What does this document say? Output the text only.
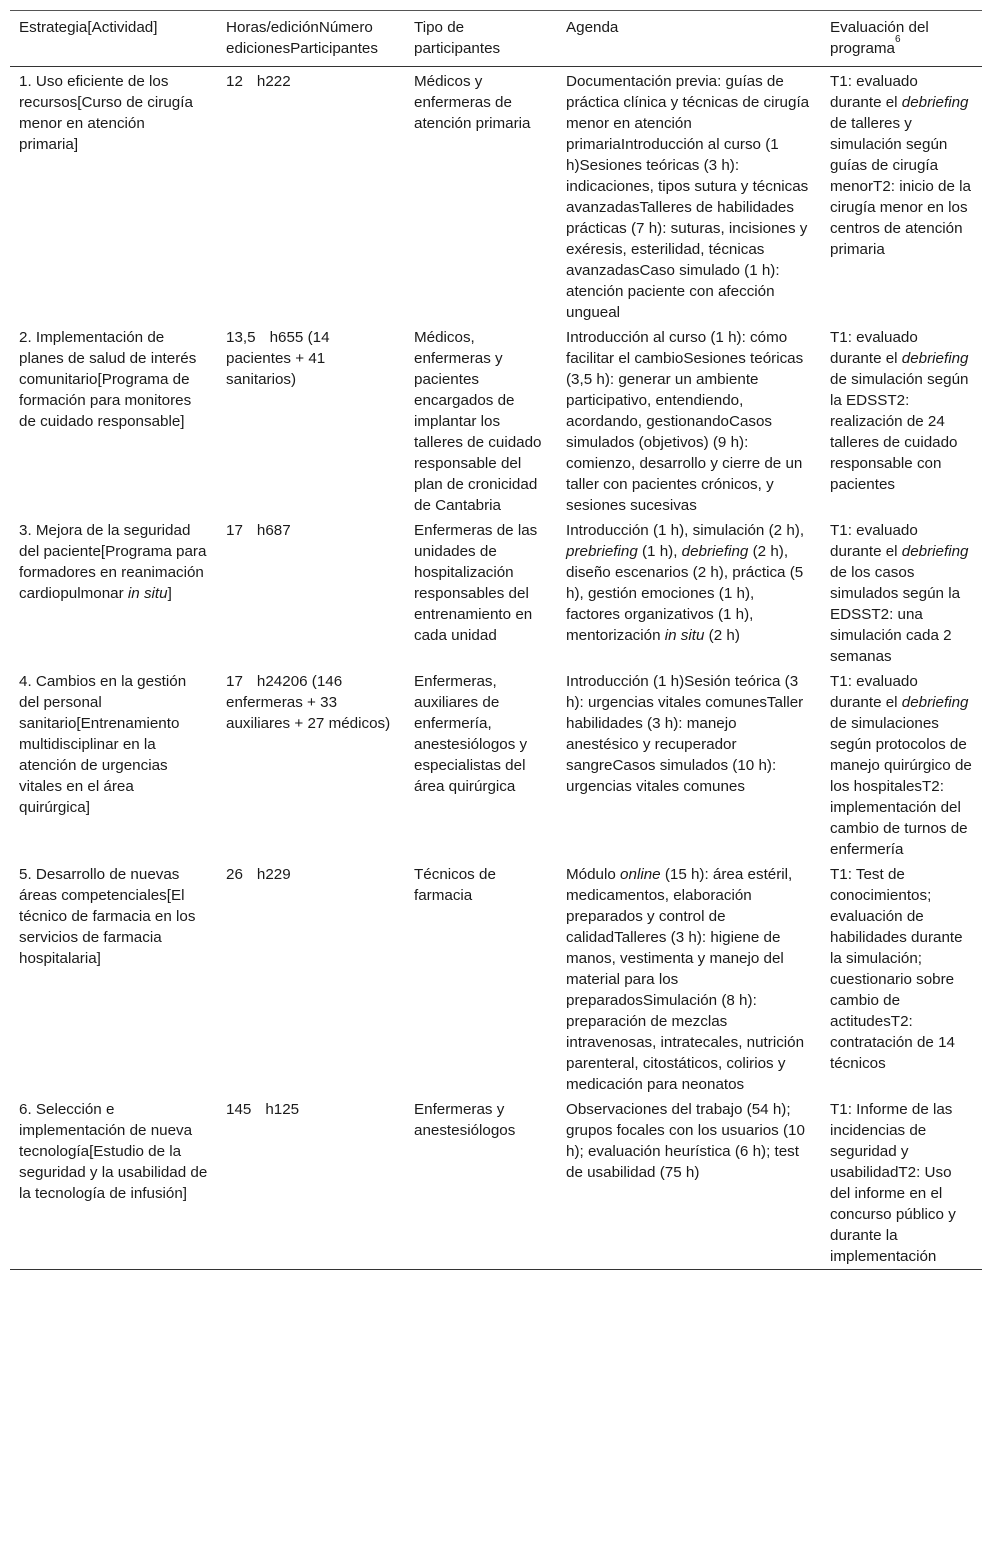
Estrategia[Actividad]	Horas/ediciónNúmero edicionesParticipantes	Tipo de participantes	Agenda	Evaluación del programa$^6$
1. Uso eficiente de los recursos[Curso de cirugía menor en atención primaria]	12 h222	Médicos y enfermeras de atención primaria	Documentación previa: guías de práctica clínica y técnicas de cirugía menor en atención primariaIntroducción al curso (1 h)Sesiones teóricas (3 h): indicaciones, tipos sutura y técnicas avanzadasTalleres de habilidades prácticas (7 h): suturas, incisiones y exéresis, esterilidad, técnicas avanzadasCaso simulado (1 h): atención paciente con afección ungueal	T1: evaluado durante el debriefing de talleres y simulación según guías de cirugía menorT2: inicio de la cirugía menor en los centros de atención primaria
2. Implementación de planes de salud de interés comunitario[Programa de formación para monitores de cuidado responsable]	13,5 h655 (14 pacientes + 41 sanitarios)	Médicos, enfermeras y pacientes encargados de implantar los talleres de cuidado responsable del plan de cronicidad de Cantabria	Introducción al curso (1 h): cómo facilitar el cambioSesiones teóricas (3,5 h): generar un ambiente participativo, entendiendo, acordando, gestionandoCasos simulados (objetivos) (9 h): comienzo, desarrollo y cierre de un taller con pacientes crónicos, y sesiones sucesivas	T1: evaluado durante el debriefing de simulación según la EDSST2: realización de 24 talleres de cuidado responsable con pacientes
3. Mejora de la seguridad del paciente[Programa para formadores en reanimación cardiopulmonar in situ]	17 h687	Enfermeras de las unidades de hospitalización responsables del entrenamiento en cada unidad	Introducción (1 h), simulación (2 h), prebriefing (1 h), debriefing (2 h), diseño escenarios (2 h), práctica (5 h), gestión emociones (1 h), factores organizativos (1 h), mentorización in situ (2 h)	T1: evaluado durante el debriefing de los casos simulados según la EDSST2: una simulación cada 2 semanas
4. Cambios en la gestión del personal sanitario[Entrenamiento multidisciplinar en la atención de urgencias vitales en el área quirúrgica]	17 h24206 (146 enfermeras + 33 auxiliares + 27 médicos)	Enfermeras, auxiliares de enfermería, anestesiólogos y especialistas del área quirúrgica	Introducción (1 h)Sesión teórica (3 h): urgencias vitales comunesTaller habilidades (3 h): manejo anestésico y recuperador sangreCasos simulados (10 h): urgencias vitales comunes	T1: evaluado durante el debriefing de simulaciones según protocolos de manejo quirúrgico de los hospitalesT2: implementación del cambio de turnos de enfermería
5. Desarrollo de nuevas áreas competenciales[El técnico de farmacia en los servicios de farmacia hospitalaria]	26 h229	Técnicos de farmacia	Módulo online (15 h): área estéril, medicamentos, elaboración preparados y control de calidadTalleres (3 h): higiene de manos, vestimenta y manejo del material para los preparadosSimulación (8 h): preparación de mezclas intravenosas, intratecales, nutrición parenteral, citostáticos, colirios y medicación para neonatos	T1: Test de conocimientos; evaluación de habilidades durante la simulación; cuestionario sobre cambio de actitudesT2: contratación de 14 técnicos
6. Selección e implementación de nueva tecnología[Estudio de la seguridad y la usabilidad de la tecnología de infusión]	145 h125	Enfermeras y anestesiólogos	Observaciones del trabajo (54 h); grupos focales con los usuarios (10 h); evaluación heurística (6 h); test de usabilidad (75 h)	T1: Informe de las incidencias de seguridad y usabilidadT2: Uso del informe en el concurso público y durante la implementación
